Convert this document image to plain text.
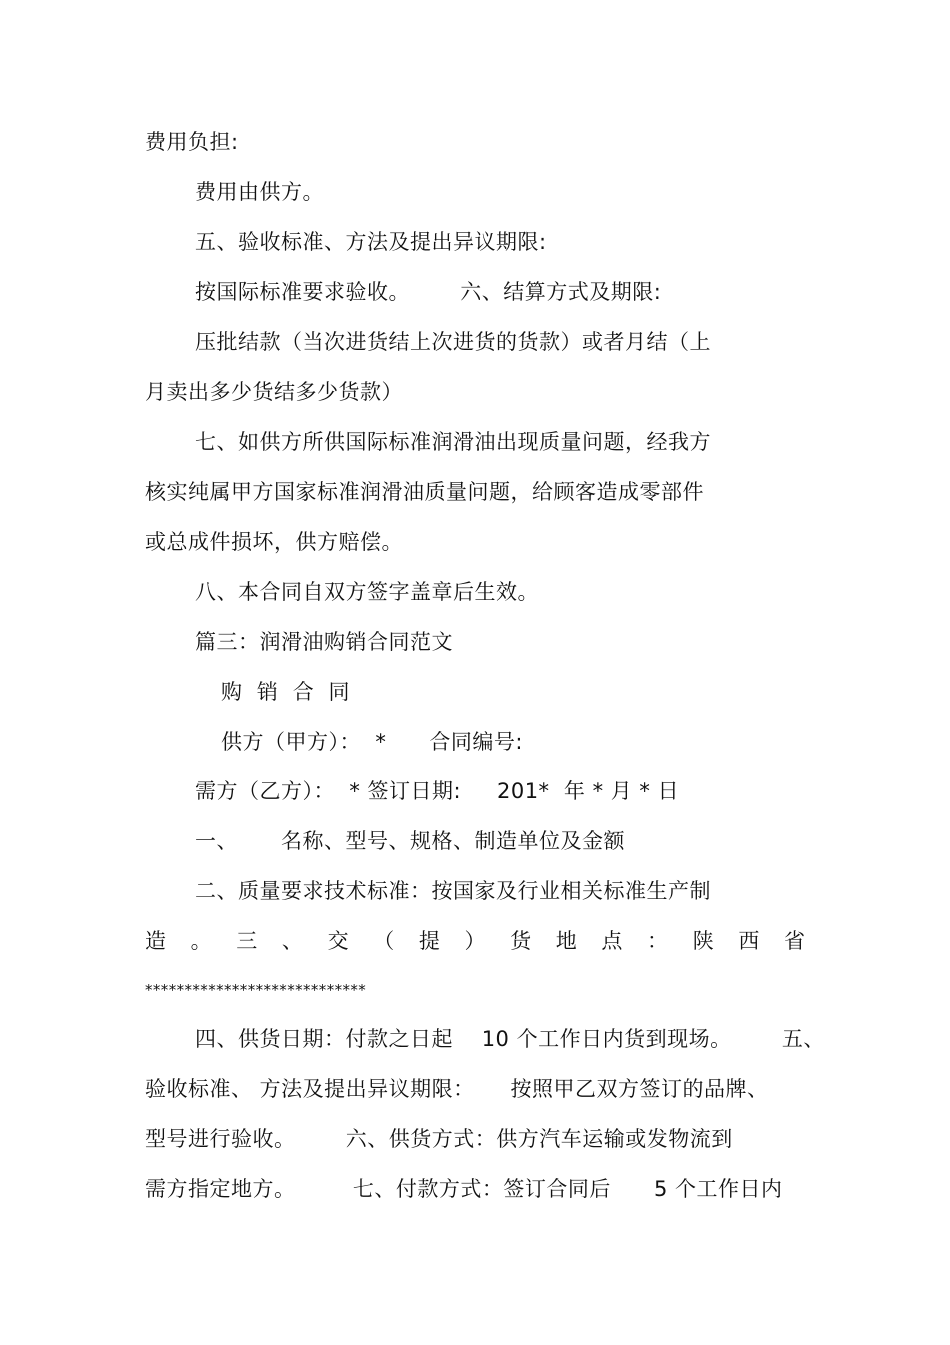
费用负担:
费用由供方。
五、验收标准、方法及提出异议期限:
按国际标准要求验收。       六、结算方式及期限:
压批结款（当次进货结上次进货的货款）或者月结（上
月卖出多少货结多少货款）
七、如供方所供国际标准润滑油出现质量问题，经我方
核实纯属甲方国家标准润滑油质量问题，给顾客造成零部件
或总成件损坏，供方赔偿。
八、本合同自双方签字盖章后生效。
篇三：润滑油购销合同范文
购  销  合  同
供方（甲方）：  *      合同编号:
需方（乙方）：  * 签订日期:     201*  年 * 月 * 日
一、      名称、型号、规格、制造单位及金额
二、质量要求技术标准：按国家及行业相关标准生产制
造 。 三 、 交 （ 提 ） 货 地 点 ： 陕 西 省
****************************
四、供货日期：付款之日起    10 个工作日内货到现场。       五、
验收标准、 方法及提出异议期限：     按照甲乙双方签订的品牌、
型号进行验收。       六、供货方式：供方汽车运输或发物流到
需方指定地方。        七、付款方式：签订合同后      5 个工作日内
